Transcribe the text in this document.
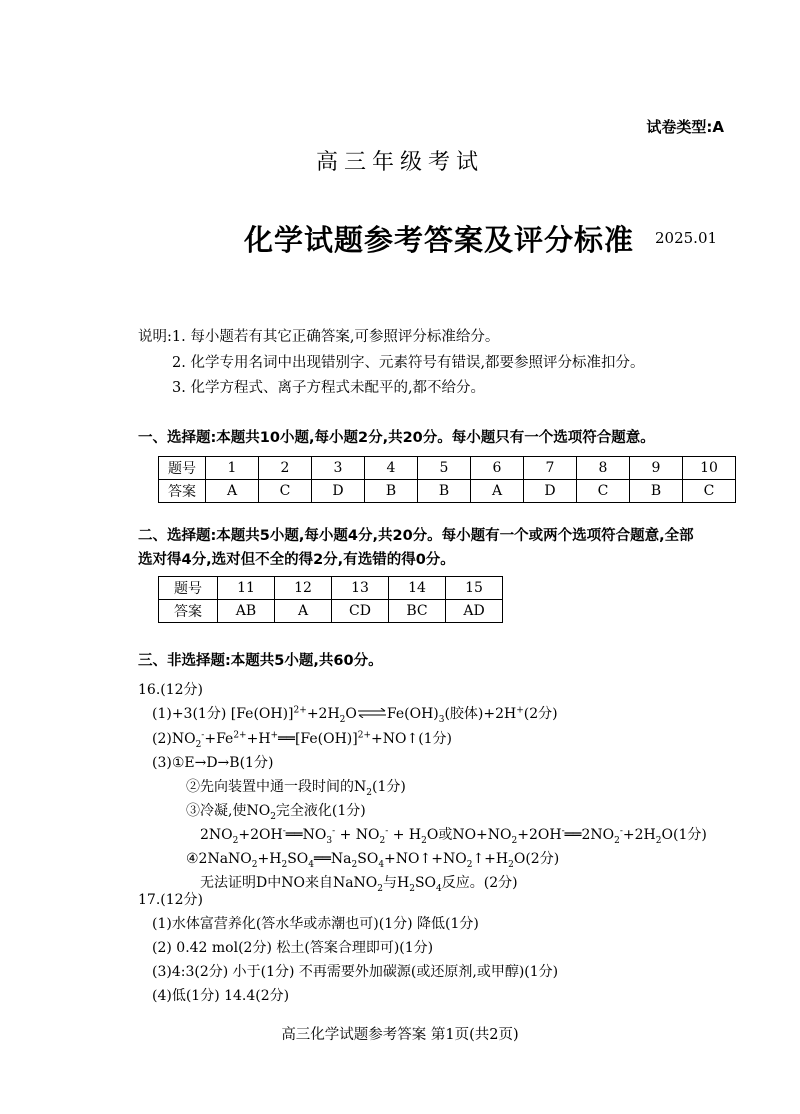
试卷类型:A
高三年级考试
化学试题参考答案及评分标准 2025.01
说明:1. 每小题若有其它正确答案,可参照评分标准给分。
2. 化学专用名词中出现错别字、元素符号有错误,都要参照评分标准扣分。
3. 化学方程式、离子方程式未配平的,都不给分。
一、选择题:本题共10小题,每小题2分,共20分。每小题只有一个选项符合题意。
题号	1	2	3	4	5	6	7	8	9	10
答案	A	C	D	B	B	A	D	C	B	C
二、选择题:本题共5小题,每小题4分,共20分。每小题有一个或两个选项符合题意,全部
选对得4分,选对但不全的得2分,有选错的得0分。
题号	11	12	13	14	15
答案	AB	A	CD	BC	AD
三、非选择题:本题共5小题,共60分。
16.(12分)
(1)+3(1分) $[Fe(OH)]^{2+}+2H_2O\rightleftharpoons Fe(OH)_3$(胶体)+2H+(2分)
$(2)NO_2^-+Fe^{2+}+H^+══[Fe(OH)]^{2+}+NO↑(1$分)
(3)①E→D→B(1分)
②先向装置中通一段时间的$N_2(1$分)
③冷凝,使$NO_2$完全液化(1分)
$2NO_2+2OH^-══NO_3^- + NO_2^- + H_2O$或$NO+NO_2+2OH^-══2NO_2^-+2H_2O(1$分)
$④2NaNO_2+H_2SO_4══Na_2SO_4+NO↑+NO_2↑+H_2O(2$分)
无法证明D中NO来自NaNO$_2$与$H_2SO_4$反应。(2分)
17.(12分)
(1)水体富营养化(答水华或赤潮也可)(1分) 降低(1分)
(2) 0.42 mol(2分) 松土(答案合理即可)(1分)
(3)4:3(2分) 小于(1分) 不再需要外加碳源(或还原剂,或甲醇)(1分)
(4)低(1分) 14.4(2分)
高三化学试题参考答案 第1页(共2页)
